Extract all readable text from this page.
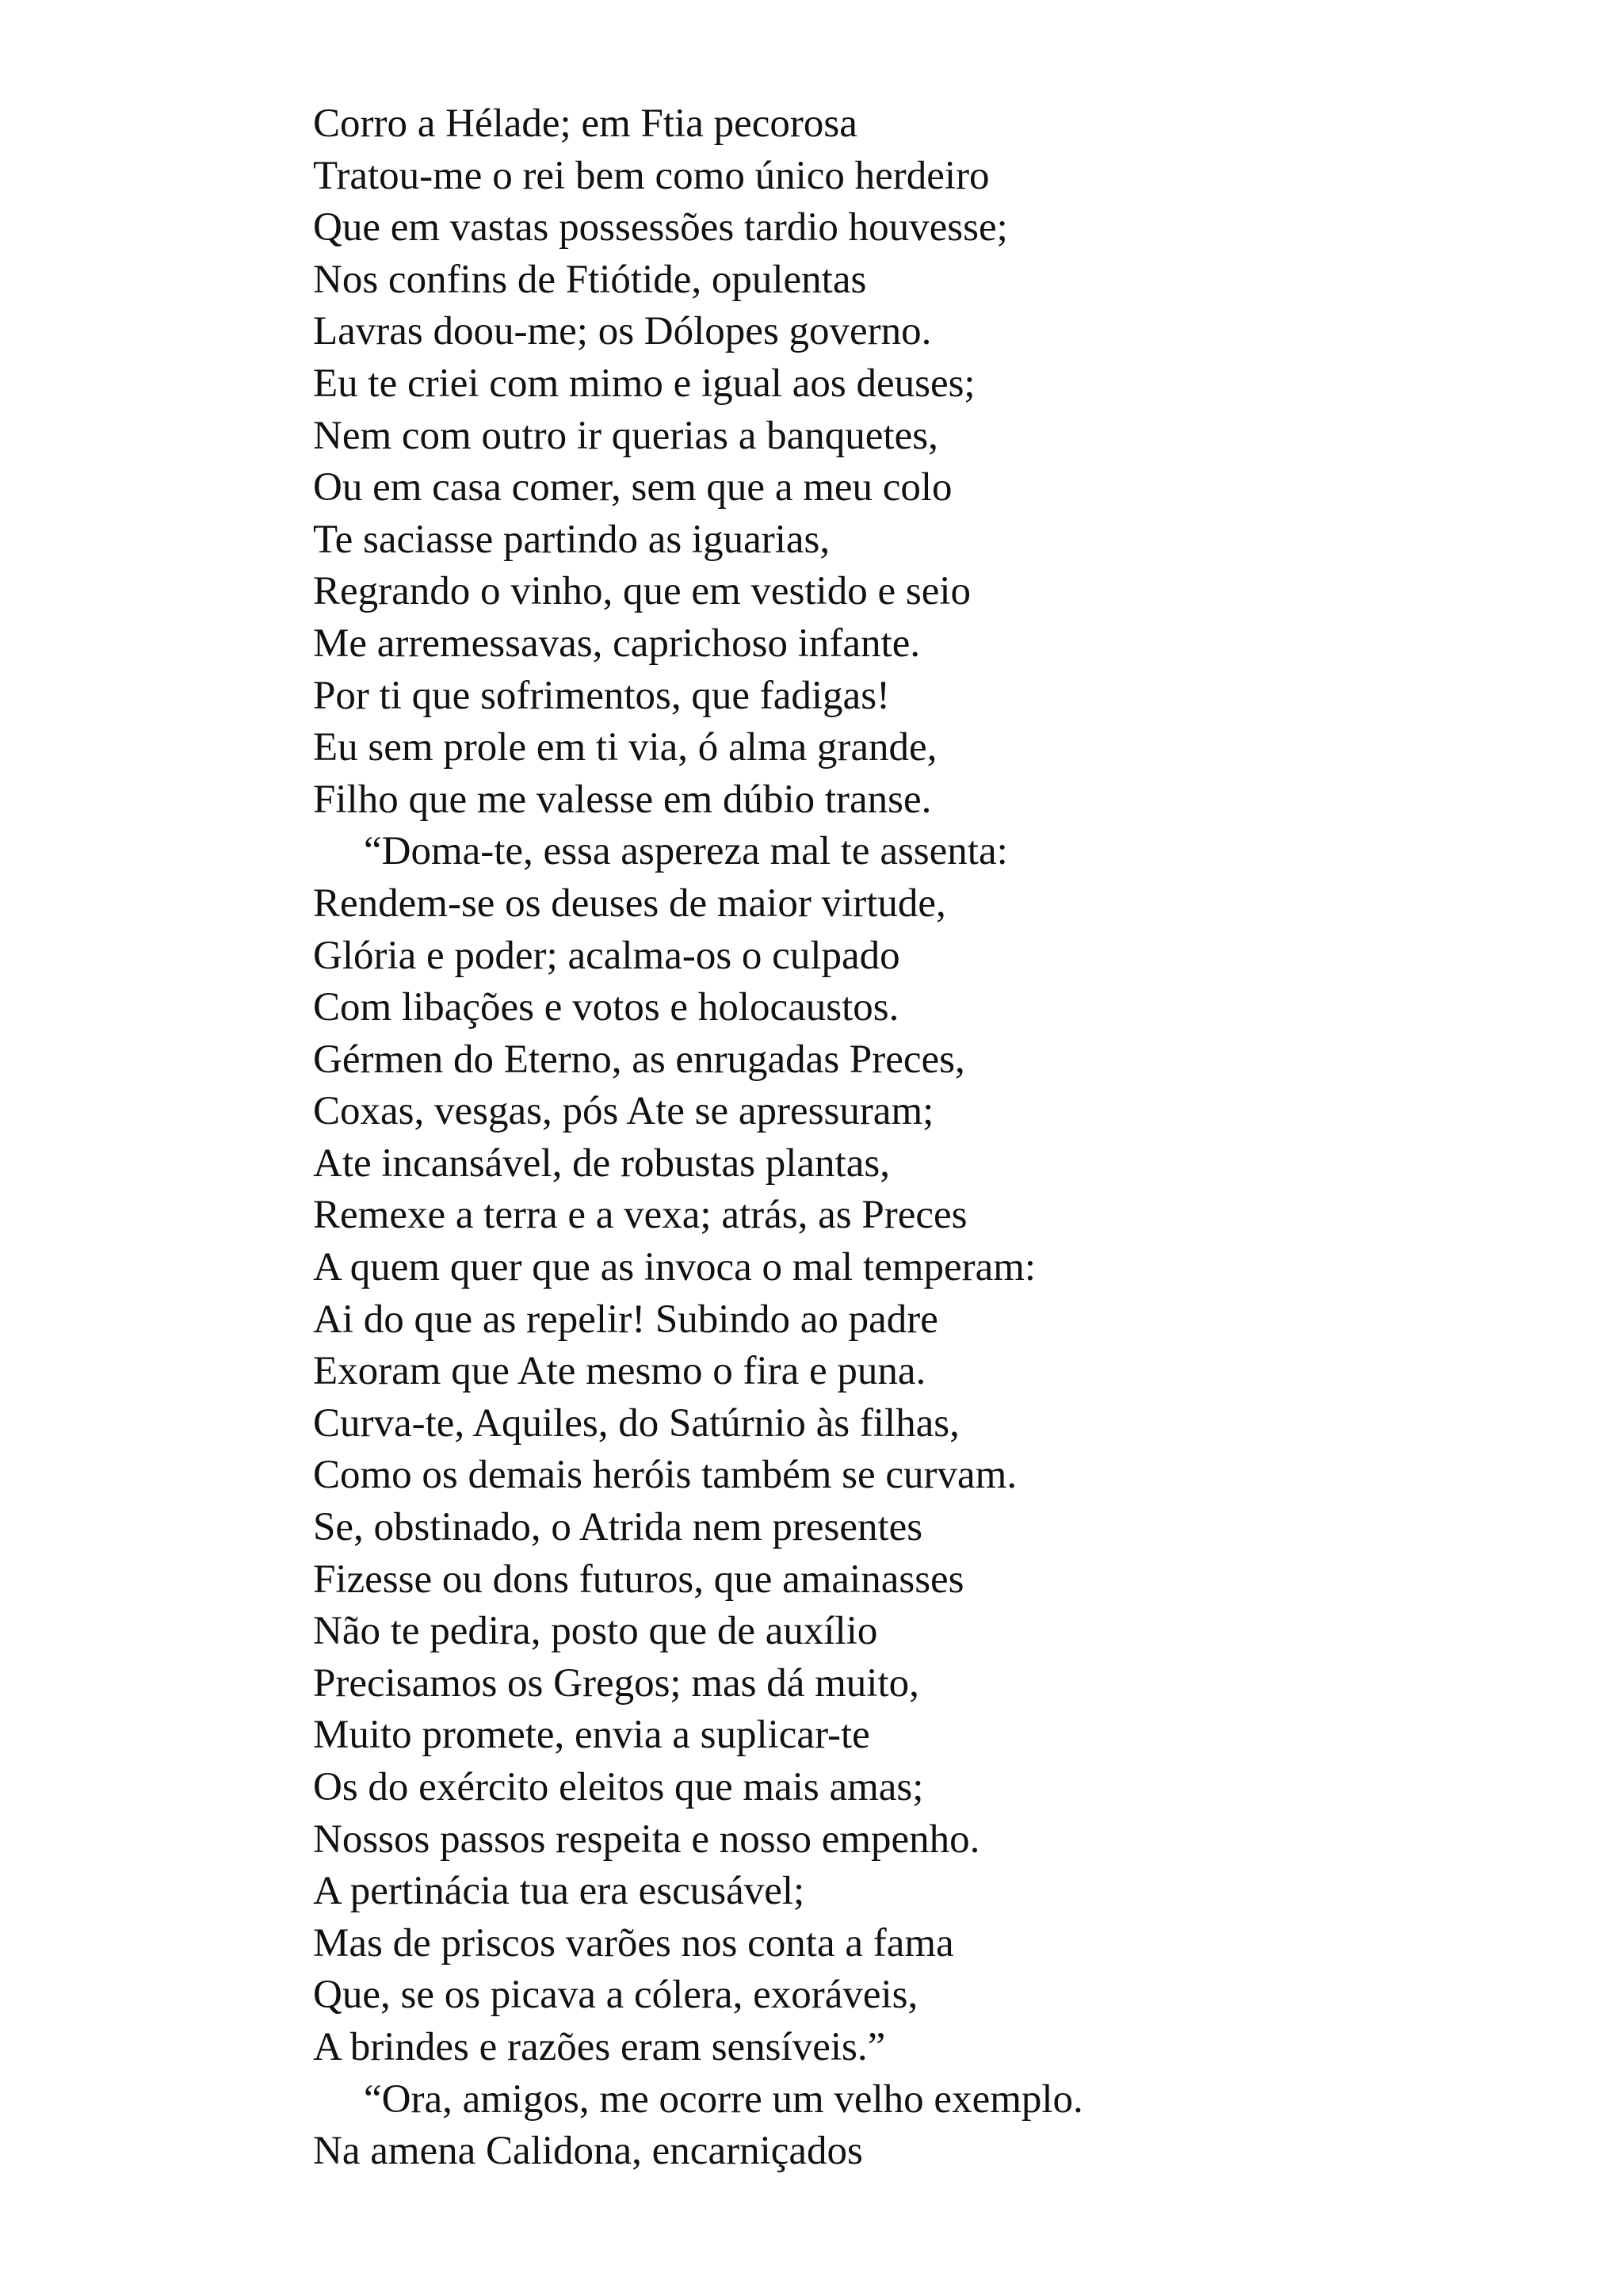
Corro a Hélade; em Ftia pecorosa
Tratou-me o rei bem como único herdeiro
Que em vastas possessões tardio houvesse;
Nos confins de Ftiótide, opulentas
Lavras doou-me; os Dólopes governo.
Eu te criei com mimo e igual aos deuses;
Nem com outro ir querias a banquetes,
Ou em casa comer, sem que a meu colo
Te saciasse partindo as iguarias,
Regrando o vinho, que em vestido e seio
Me arremessavas, caprichoso infante.
Por ti que sofrimentos, que fadigas!
Eu sem prole em ti via, ó alma grande,
Filho que me valesse em dúbio transe.
“Doma-te, essa aspereza mal te assenta:
Rendem-se os deuses de maior virtude,
Glória e poder; acalma-os o culpado
Com libações e votos e holocaustos.
Gérmen do Eterno, as enrugadas Preces,
Coxas, vesgas, pós Ate se apressuram;
Ate incansável, de robustas plantas,
Remexe a terra e a vexa; atrás, as Preces
A quem quer que as invoca o mal temperam:
Ai do que as repelir! Subindo ao padre
Exoram que Ate mesmo o fira e puna.
Curva-te, Aquiles, do Satúrnio às filhas,
Como os demais heróis também se curvam.
Se, obstinado, o Atrida nem presentes
Fizesse ou dons futuros, que amainasses
Não te pedira, posto que de auxílio
Precisamos os Gregos; mas dá muito,
Muito promete, envia a suplicar-te
Os do exército eleitos que mais amas;
Nossos passos respeita e nosso empenho.
A pertinácia tua era escusável;
Mas de priscos varões nos conta a fama
Que, se os picava a cólera, exoráveis,
A brindes e razões eram sensíveis.”
“Ora, amigos, me ocorre um velho exemplo.
Na amena Calidona, encarniçados
